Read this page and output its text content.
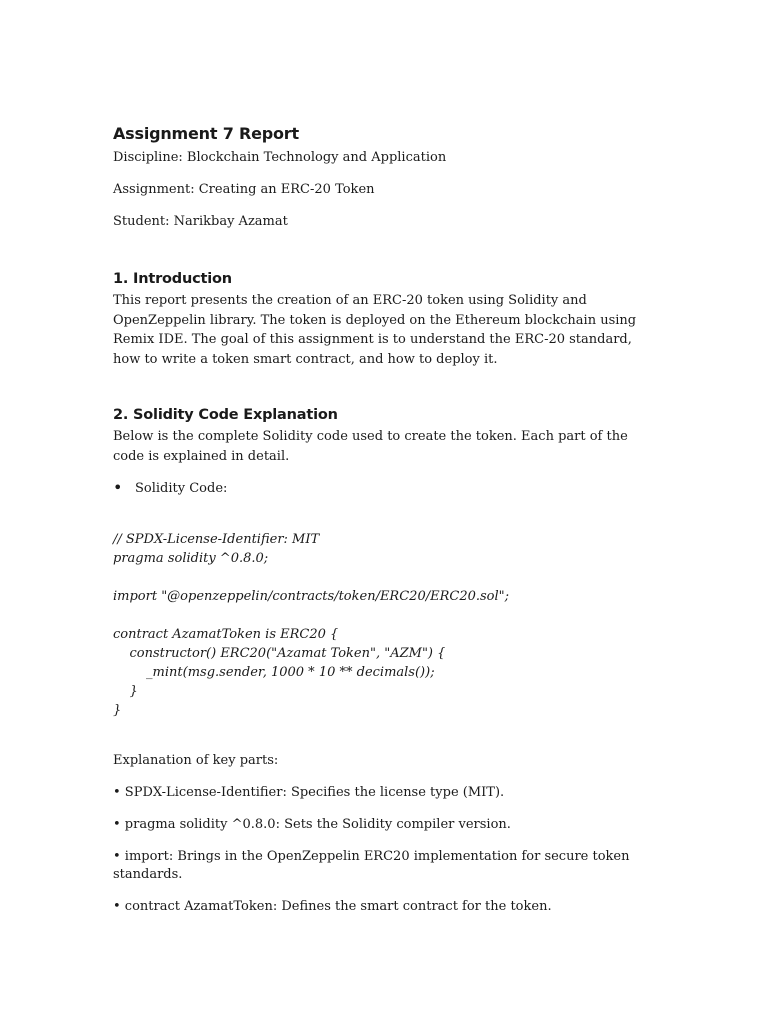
Assignment 7 Report

Discipline: Blockchain Technology and Application

Assignment: Creating an ERC-20 Token

Student: Narikbay Azamat

1. Introduction

This report presents the creation of an ERC-20 token using Solidity and OpenZeppelin library. The token is deployed on the Ethereum blockchain using Remix IDE. The goal of this assignment is to understand the ERC-20 standard, how to write a token smart contract, and how to deploy it.

2. Solidity Code Explanation

Below is the complete Solidity code used to create the token. Each part of the code is explained in detail.

• Solidity Code:
// SPDX-License-Identifier: MIT
pragma solidity ^0.8.0;
import "@openzeppelin/contracts/token/ERC20/ERC20.sol";
contract AzamatToken is ERC20 {
constructor() ERC20("Azamat Token", "AZM") {
_mint(msg.sender, 1000 * 10 ** decimals());
}
}

Explanation of key parts:

• SPDX-License-Identifier: Specifies the license type (MIT).

• pragma solidity ^0.8.0: Sets the Solidity compiler version.

• import: Brings in the OpenZeppelin ERC20 implementation for secure token standards.

• contract AzamatToken: Defines the smart contract for the token.
